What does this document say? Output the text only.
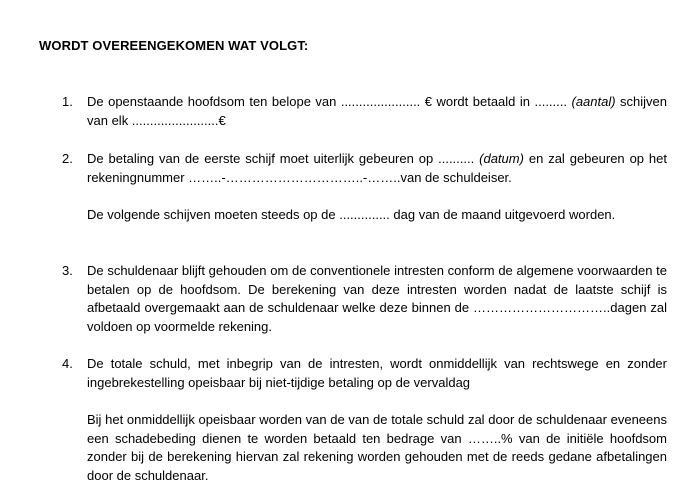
WORDT OVEREENGEKOMEN WAT VOLGT:
1.	De openstaande hoofdsom ten belope van ...................... € wordt betaald in ......... (aantal) schijven van elk ........................€
2.	De betaling van de eerste schijf moet uiterlijk gebeuren op .......... (datum) en zal gebeuren op het rekeningnummer ……..-…………………………..-……..van de schuldeiser.
De volgende schijven moeten steeds op de .............. dag van de maand uitgevoerd worden.
3.	De schuldenaar blijft gehouden om de conventionele intresten conform de algemene voorwaarden te betalen op de hoofdsom. De berekening van deze intresten worden nadat de laatste schijf is afbetaald overgemaakt aan de schuldenaar welke deze binnen de …………………………..dagen zal voldoen op voormelde rekening.
4.	De totale schuld, met inbegrip van de intresten, wordt onmiddellijk van rechtswege en zonder ingebrekestelling opeisbaar bij niet-tijdige betaling op de vervaldag
Bij het onmiddellijk opeisbaar worden van de van de totale schuld zal door de schuldenaar eveneens een schadebeding dienen te worden betaald ten bedrage van ……..% van de initiële hoofdsom zonder bij de berekening hiervan zal rekening worden gehouden met de reeds gedane afbetalingen door de schuldenaar.
